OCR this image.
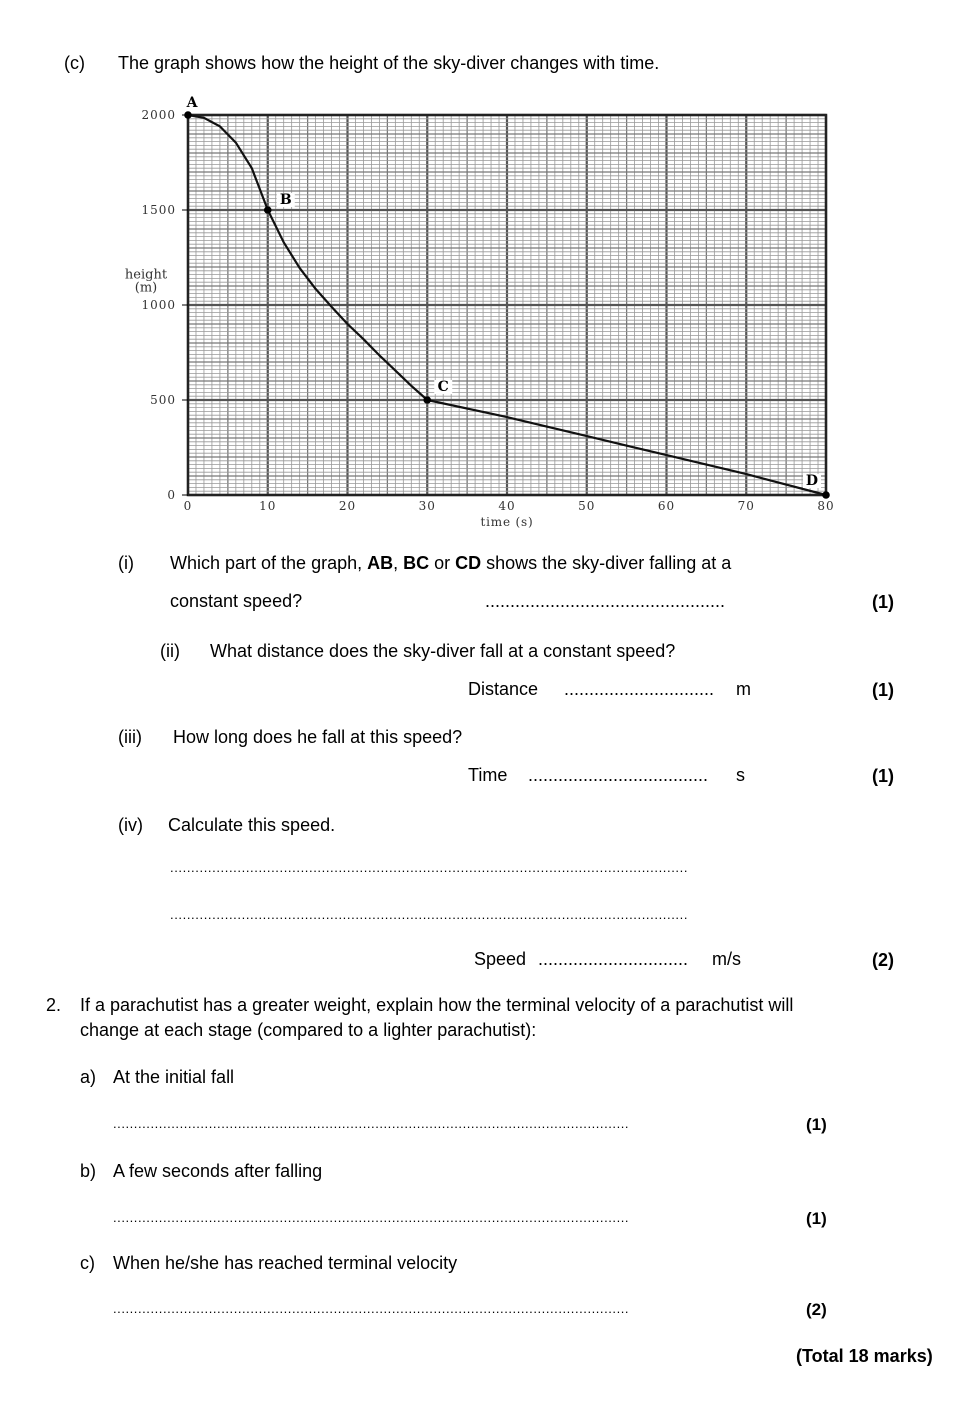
(c) The graph shows how the height of the sky-diver changes with time.
0
500
1000
1500
2000
0	10	20	30	40	50	60	70	80
time (s)
height
(m)
A
B
C
D
(i) Which part of the graph, AB, BC or CD shows the sky-diver falling at a
constant speed?	................................................	(1)
(ii) What distance does the sky-diver fall at a constant speed?
Distance .............................. m	(1)
(iii) How long does he fall at this speed?
Time .................................... s	(1)
(iv) Calculate this speed.
...........................................................................................................................
...........................................................................................................................
Speed .............................. m/s	(2)
2. If a parachutist has a greater weight, explain how the terminal velocity of a parachutist will
change at each stage (compared to a lighter parachutist):
a) At the initial fall
............................................................................................................................	(1)
b) A few seconds after falling
............................................................................................................................	(1)
c) When he/she has reached terminal velocity
............................................................................................................................	(2)
(Total 18 marks)
